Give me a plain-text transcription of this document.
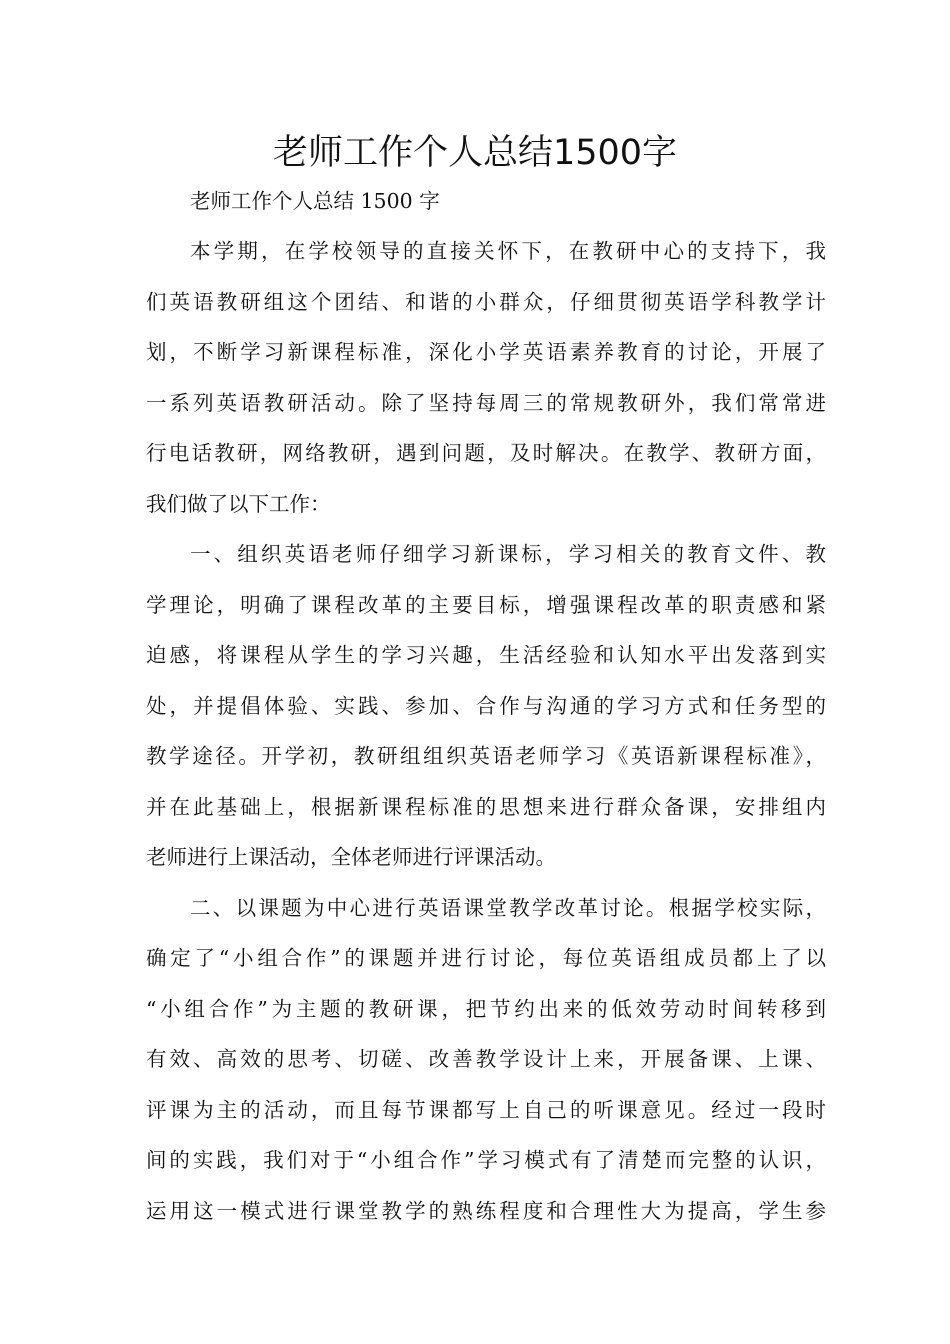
老师工作个人总结1500字
老师工作个人总结 1500 字
本学期，在学校领导的直接关怀下，在教研中心的支持下，我
们英语教研组这个团结、和谐的小群众，仔细贯彻英语学科教学计
划，不断学习新课程标准，深化小学英语素养教育的讨论，开展了
一系列英语教研活动。除了坚持每周三的常规教研外，我们常常进
行电话教研，网络教研，遇到问题，及时解决。在教学、教研方面，
我们做了以下工作：
一、组织英语老师仔细学习新课标，学习相关的教育文件、教
学理论，明确了课程改革的主要目标，增强课程改革的职责感和紧
迫感，将课程从学生的学习兴趣，生活经验和认知水平出发落到实
处，并提倡体验、实践、参加、合作与沟通的学习方式和任务型的
教学途径。开学初，教研组组织英语老师学习《英语新课程标准》，
并在此基础上，根据新课程标准的思想来进行群众备课，安排组内
老师进行上课活动，全体老师进行评课活动。
二、以课题为中心进行英语课堂教学改革讨论。根据学校实际，
确定了“小组合作”的课题并进行讨论，每位英语组成员都上了以
“小组合作”为主题的教研课，把节约出来的低效劳动时间转移到
有效、高效的思考、切磋、改善教学设计上来，开展备课、上课、
评课为主的活动，而且每节课都写上自己的听课意见。经过一段时
间的实践，我们对于“小组合作”学习模式有了清楚而完整的认识，
运用这一模式进行课堂教学的熟练程度和合理性大为提高，学生参
